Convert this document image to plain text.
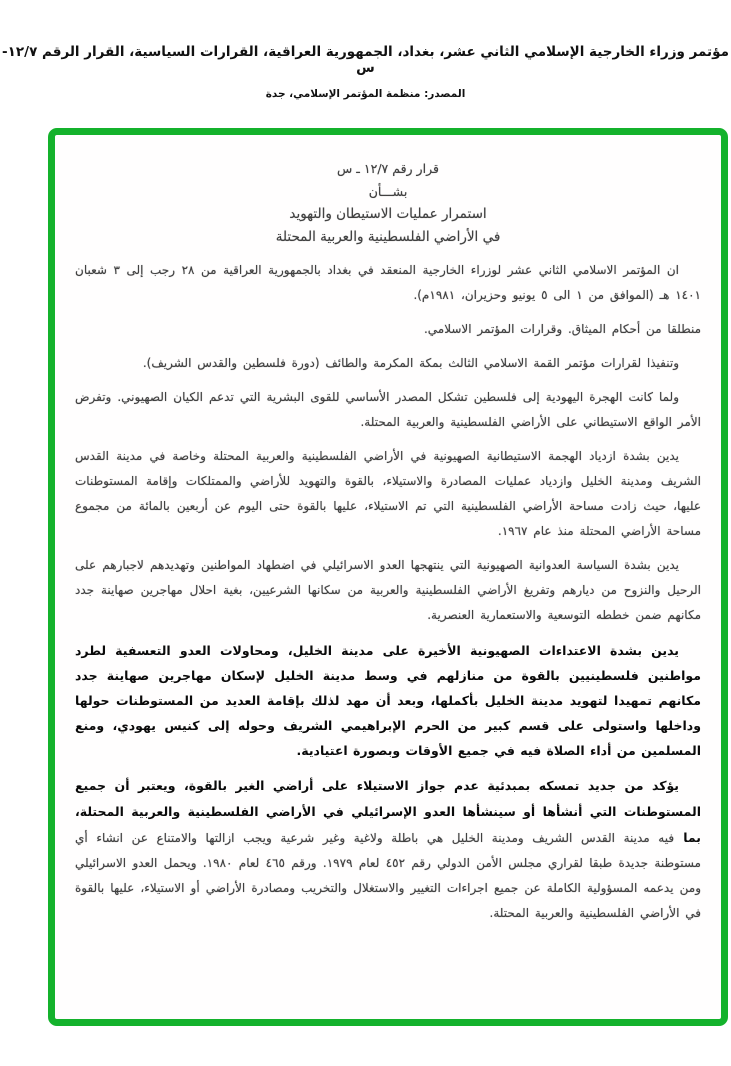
مؤتمر وزراء الخارجية الإسلامي الثاني عشر، بغداد، الجمهورية العراقية، القرارات السياسية، القرار الرقم ١٢/٧- س
المصدر: منظمة المؤتمر الإسلامي، جدة
قرار رقم ١٢/٧ ـ س
بشـــأن
استمرار عمليات الاستيطان والتهويد
في الأراضي الفلسطينية والعربية المحتلة

ان المؤتمر الاسلامي الثاني عشر لوزراء الخارجية المنعقد في بغداد بالجمهورية العراقية من ٢٨ رجب إلى ٣ شعبان ١٤٠١ هـ (الموافق من ١ الى ٥ يونيو وحزيران، ١٩٨١م).

منطلقا من أحكام الميثاق. وقرارات المؤتمر الاسلامي.

وتنفيذا لقرارات مؤتمر القمة الاسلامي الثالث بمكة المكرمة والطائف (دورة فلسطين والقدس الشريف).

ولما كانت الهجرة اليهودية إلى فلسطين تشكل المصدر الأساسي للقوى البشرية التي تدعم الكيان الصهيوني. وتفرض الأمر الواقع الاستيطاني على الأراضي الفلسطينية والعربية المحتلة.

يدين بشدة ازدياد الهجمة الاستيطانية الصهيونية في الأراضي الفلسطينية والعربية المحتلة وخاصة في مدينة القدس الشريف ومدينة الخليل وازدياد عمليات المصادرة والاستيلاء، بالقوة والتهويد للأراضي والممتلكات وإقامة المستوطنات عليها، حيث زادت مساحة الأراضي الفلسطينية التي تم الاستيلاء، عليها بالقوة حتى اليوم عن أربعين بالمائة من مجموع مساحة الأراضي المحتلة منذ عام ١٩٦٧.

يدين بشدة السياسة العدوانية الصهيونية التي ينتهجها العدو الاسرائيلي في اضطهاد المواطنين وتهديدهم لاجبارهم على الرحيل والنزوح من ديارهم وتفريغ الأراضي الفلسطينية والعربية من سكانها الشرعيين، بغية احلال مهاجرين صهاينة جدد مكانهم ضمن خططه التوسعية والاستعمارية العنصرية.

يدين بشدة الاعتداءات الصهيونية الأخيرة على مدينة الخليل، ومحاولات العدو التعسفية لطرد مواطنين فلسطينيين بالقوة من منازلهم في وسط مدينة الخليل لإسكان مهاجرين صهاينة جدد مكانهم تمهيدا لتهويد مدينة الخليل بأكملها، وبعد أن مهد لذلك بإقامة العديد من المستوطنات حولها وداخلها واستولى على قسم كبير من الحرم الإبراهيمي الشريف وحوله إلى كنيس يهودي، ومنع المسلمين من أداء الصلاة فيه في جميع الأوقات وبصورة اعتيادية.

يؤكد من جديد تمسكه بمبدئية عدم جواز الاستيلاء على أراضي الغير بالقوة، ويعتبر أن جميع المستوطنات التي أنشأها أو سينشأها العدو الإسرائيلي في الأراضي الفلسطينية والعربية المحتلة، بما فيه مدينة القدس الشريف ومدينة الخليل هي باطلة ولاغية وغير شرعية ويجب ازالتها والامتناع عن انشاء أي مستوطنة جديدة طبقا لقراري مجلس الأمن الدولي رقم ٤٥٢ لعام ١٩٧٩. ورقم ٤٦٥ لعام ١٩٨٠. ويحمل العدو الاسرائيلي ومن يدعمه المسؤولية الكاملة عن جميع اجراءات التغيير والاستغلال والتخريب ومصادرة الأراضي أو الاستيلاء، عليها بالقوة في الأراضي الفلسطينية والعربية المحتلة.
